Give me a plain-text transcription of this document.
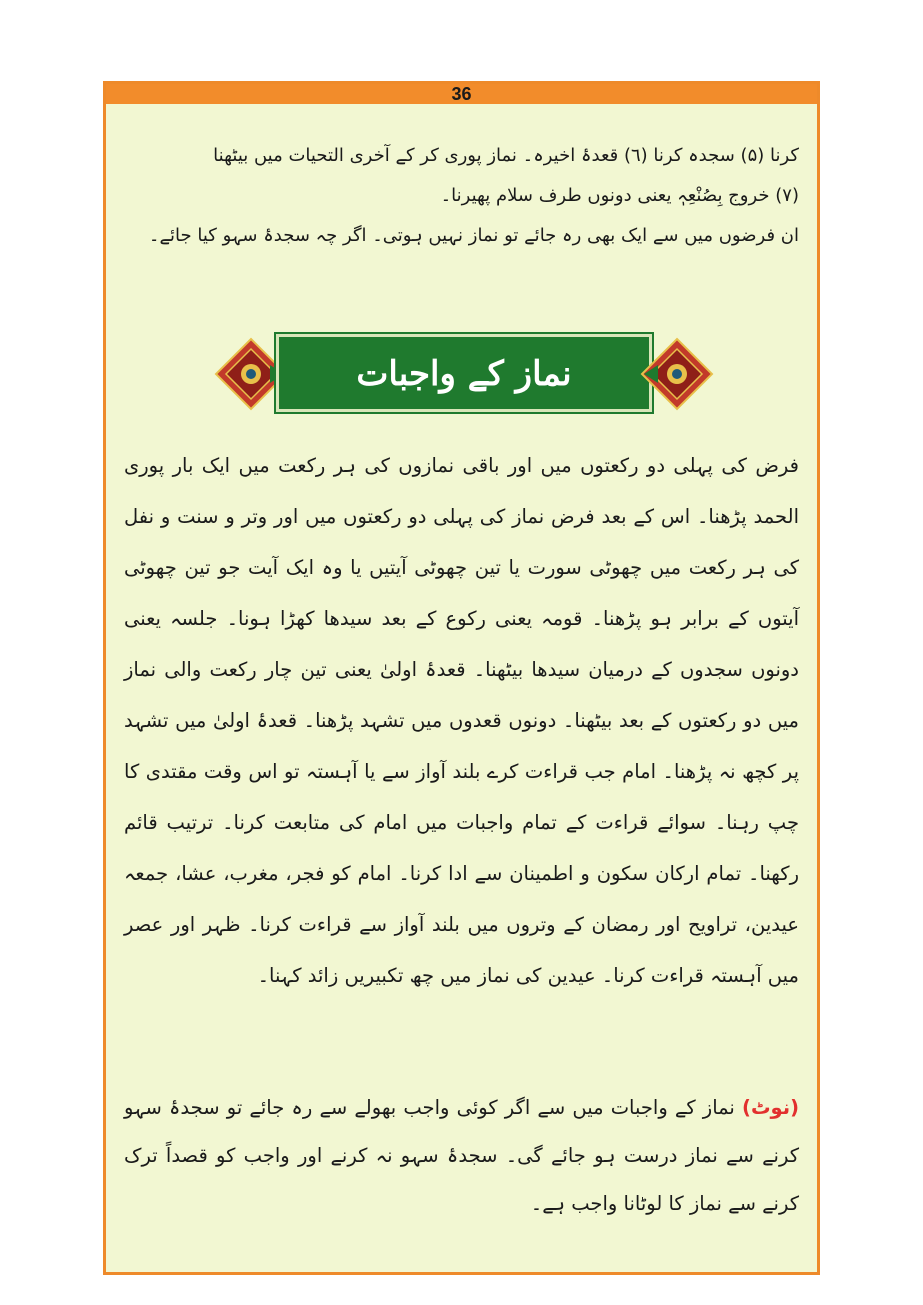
36

کرنا (۵) سجدہ کرنا (٦) قعدۂ اخیرہ۔ نماز پوری کر کے آخری التحیات میں بیٹھنا

(۷) خروج بِصُنْعِہٖ یعنی دونوں طرف سلام پھیرنا۔

ان فرضوں میں سے ایک بھی رہ جائے تو نماز نہیں ہوتی۔ اگر چہ سجدۂ سہو کیا جائے۔

نماز کے واجبات

فرض کی پہلی دو رکعتوں میں اور باقی نمازوں کی ہر رکعت میں ایک بار پوری الحمد پڑھنا۔ اس کے بعد فرض نماز کی پہلی دو رکعتوں میں اور وتر و سنت و نفل کی ہر رکعت میں چھوٹی سورت یا تین چھوٹی آیتیں یا وہ ایک آیت جو تین چھوٹی آیتوں کے برابر ہو پڑھنا۔ قومہ یعنی رکوع کے بعد سیدھا کھڑا ہونا۔ جلسہ یعنی دونوں سجدوں کے درمیان سیدھا بیٹھنا۔ قعدۂ اولیٰ یعنی تین چار رکعت والی نماز میں دو رکعتوں کے بعد بیٹھنا۔ دونوں قعدوں میں تشہد پڑھنا۔ قعدۂ اولیٰ میں تشہد پر کچھ نہ پڑھنا۔ امام جب قراءت کرے بلند آواز سے یا آہستہ تو اس وقت مقتدی کا چپ رہنا۔ سوائے قراءت کے تمام واجبات میں امام کی متابعت کرنا۔ ترتیب قائم رکھنا۔ تمام ارکان سکون و اطمینان سے ادا کرنا۔ امام کو فجر، مغرب، عشا، جمعہ عیدین، تراویح اور رمضان کے وتروں میں بلند آواز سے قراءت کرنا۔ ظہر اور عصر میں آہستہ قراءت کرنا۔ عیدین کی نماز میں چھ تکبیریں زائد کہنا۔

(نوٹ) نماز کے واجبات میں سے اگر کوئی واجب بھولے سے رہ جائے تو سجدۂ سہو کرنے سے نماز درست ہو جائے گی۔ سجدۂ سہو نہ کرنے اور واجب کو قصداً ترک کرنے سے نماز کا لوٹانا واجب ہے۔
